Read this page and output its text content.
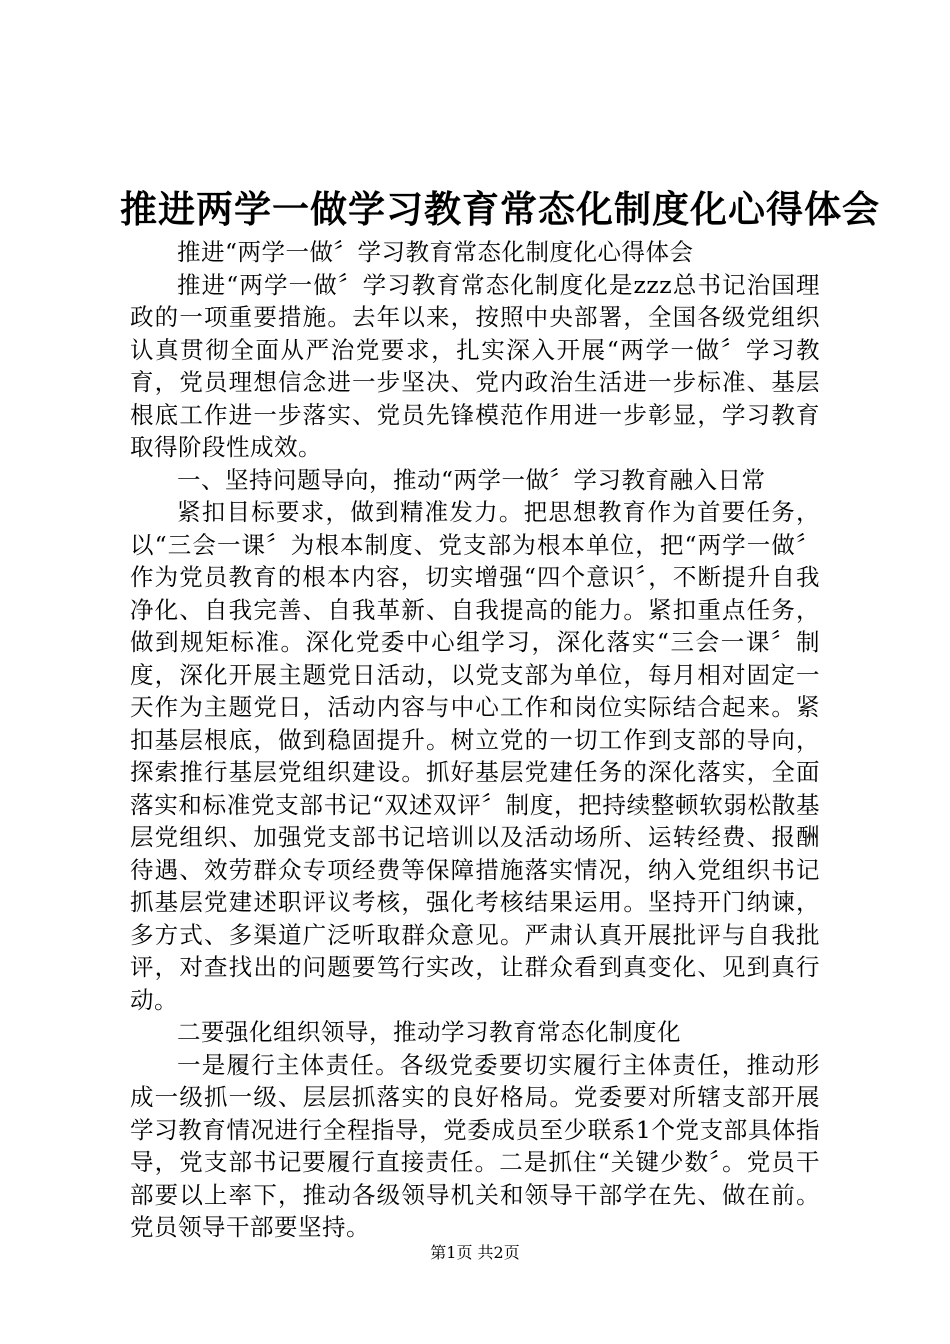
推进两学一做学习教育常态化制度化心得体会

推进“两学一做〞学习教育常态化制度化心得体会

推进“两学一做〞学习教育常态化制度化是zzz总书记治国理政的一项重要措施。去年以来，按照中央部署，全国各级党组织认真贯彻全面从严治党要求，扎实深入开展“两学一做〞学习教育，党员理想信念进一步坚决、党内政治生活进一步标准、基层根底工作进一步落实、党员先锋模范作用进一步彰显，学习教育取得阶段性成效。

一、坚持问题导向，推动“两学一做〞学习教育融入日常

紧扣目标要求，做到精准发力。把思想教育作为首要任务，以“三会一课〞为根本制度、党支部为根本单位，把“两学一做〞作为党员教育的根本内容，切实增强“四个意识〞，不断提升自我净化、自我完善、自我革新、自我提高的能力。紧扣重点任务，做到规矩标准。深化党委中心组学习，深化落实“三会一课〞制度，深化开展主题党日活动，以党支部为单位，每月相对固定一天作为主题党日，活动内容与中心工作和岗位实际结合起来。紧扣基层根底，做到稳固提升。树立党的一切工作到支部的导向，探索推行基层党组织建设。抓好基层党建任务的深化落实，全面落实和标准党支部书记“双述双评〞制度，把持续整顿软弱松散基层党组织、加强党支部书记培训以及活动场所、运转经费、报酬待遇、效劳群众专项经费等保障措施落实情况，纳入党组织书记抓基层党建述职评议考核，强化考核结果运用。坚持开门纳谏，多方式、多渠道广泛听取群众意见。严肃认真开展批评与自我批评，对查找出的问题要笃行实改，让群众看到真变化、见到真行动。

二要强化组织领导，推动学习教育常态化制度化

一是履行主体责任。各级党委要切实履行主体责任，推动形成一级抓一级、层层抓落实的良好格局。党委要对所辖支部开展学习教育情况进行全程指导，党委成员至少联系1个党支部具体指导，党支部书记要履行直接责任。二是抓住“关键少数〞。党员干部要以上率下，推动各级领导机关和领导干部学在先、做在前。党员领导干部要坚持。

第1页 共2页
